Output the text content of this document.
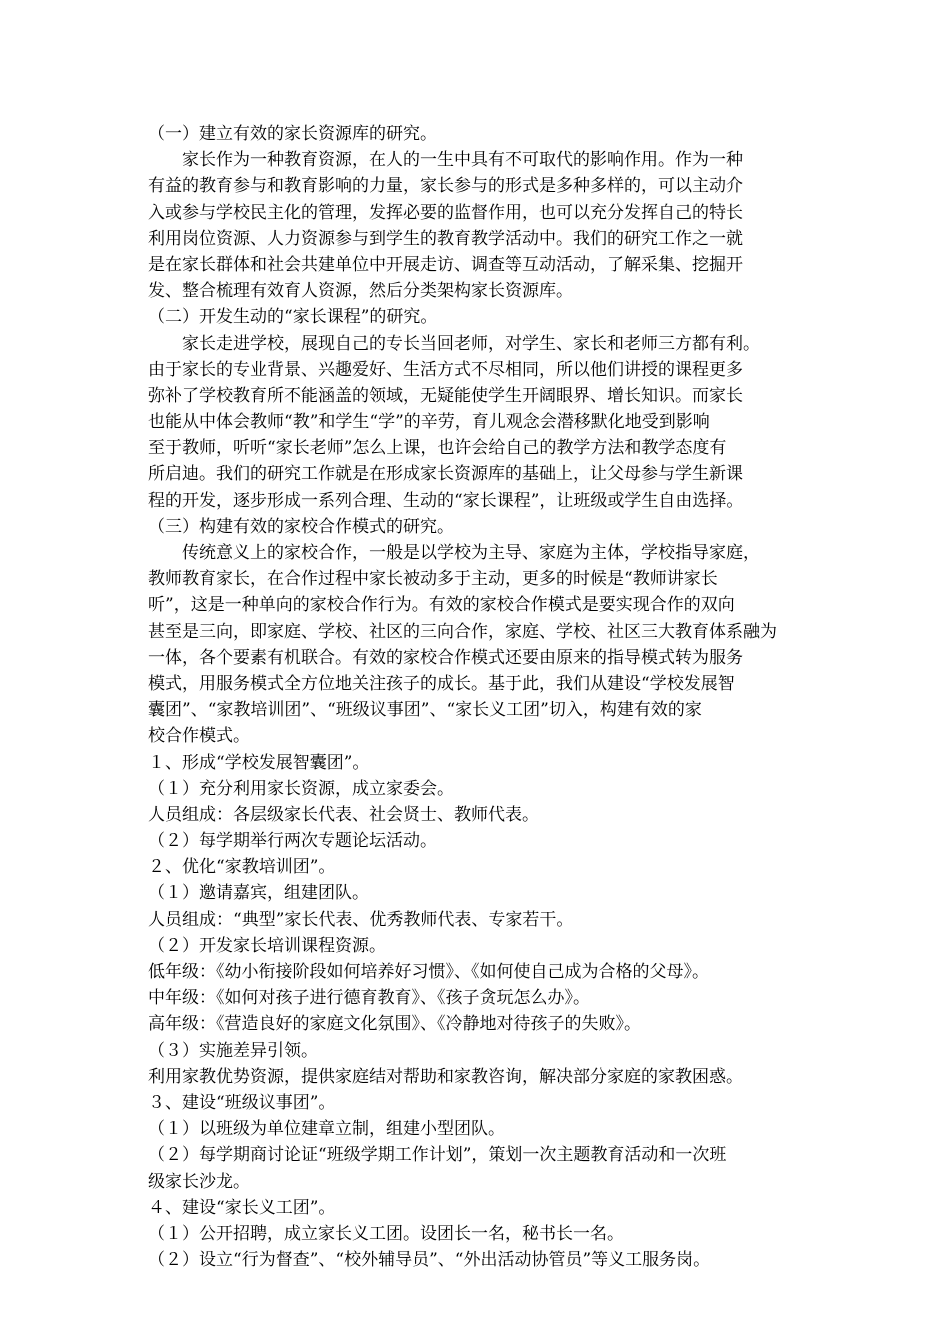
（一）建立有效的家长资源库的研究。
家长作为一种教育资源，在人的一生中具有不可取代的影响作用。作为一种
有益的教育参与和教育影响的力量，家长参与的形式是多种多样的，可以主动介
入或参与学校民主化的管理，发挥必要的监督作用，也可以充分发挥自己的特长
利用岗位资源、人力资源参与到学生的教育教学活动中。我们的研究工作之一就
是在家长群体和社会共建单位中开展走访、调查等互动活动，了解采集、挖掘开
发、整合梳理有效育人资源，然后分类架构家长资源库。
（二）开发生动的“家长课程”的研究。
家长走进学校，展现自己的专长当回老师，对学生、家长和老师三方都有利。
由于家长的专业背景、兴趣爱好、生活方式不尽相同，所以他们讲授的课程更多
弥补了学校教育所不能涵盖的领域，无疑能使学生开阔眼界、增长知识。而家长
也能从中体会教师“教”和学生“学”的辛劳，育儿观念会潜移默化地受到影响
至于教师，听听“家长老师”怎么上课，也许会给自己的教学方法和教学态度有
所启迪。我们的研究工作就是在形成家长资源库的基础上，让父母参与学生新课
程的开发，逐步形成一系列合理、生动的“家长课程”，让班级或学生自由选择。
（三）构建有效的家校合作模式的研究。
传统意义上的家校合作，一般是以学校为主导、家庭为主体，学校指导家庭，
教师教育家长，在合作过程中家长被动多于主动，更多的时候是“教师讲家长
听”，这是一种单向的家校合作行为。有效的家校合作模式是要实现合作的双向
甚至是三向，即家庭、学校、社区的三向合作，家庭、学校、社区三大教育体系融为
一体，各个要素有机联合。有效的家校合作模式还要由原来的指导模式转为服务
模式，用服务模式全方位地关注孩子的成长。基于此，我们从建设“学校发展智
囊团”、“家教培训团”、“班级议事团”、“家长义工团”切入，构建有效的家
校合作模式。
１、形成“学校发展智囊团”。
（１）充分利用家长资源，成立家委会。
人员组成：各层级家长代表、社会贤士、教师代表。
（２）每学期举行两次专题论坛活动。
２、优化“家教培训团”。
（１）邀请嘉宾，组建团队。
人员组成：“典型”家长代表、优秀教师代表、专家若干。
（２）开发家长培训课程资源。
低年级：《幼小衔接阶段如何培养好习惯》、《如何使自己成为合格的父母》。
中年级：《如何对孩子进行德育教育》、《孩子贪玩怎么办》。
高年级：《营造良好的家庭文化氛围》、《冷静地对待孩子的失败》。
（３）实施差异引领。
利用家教优势资源，提供家庭结对帮助和家教咨询，解决部分家庭的家教困惑。
３、建设“班级议事团”。
（１）以班级为单位建章立制，组建小型团队。
（２）每学期商讨论证“班级学期工作计划”，策划一次主题教育活动和一次班
级家长沙龙。
４、建设“家长义工团”。
（１）公开招聘，成立家长义工团。设团长一名，秘书长一名。
（２）设立“行为督查”、“校外辅导员”、“外出活动协管员”等义工服务岗。
